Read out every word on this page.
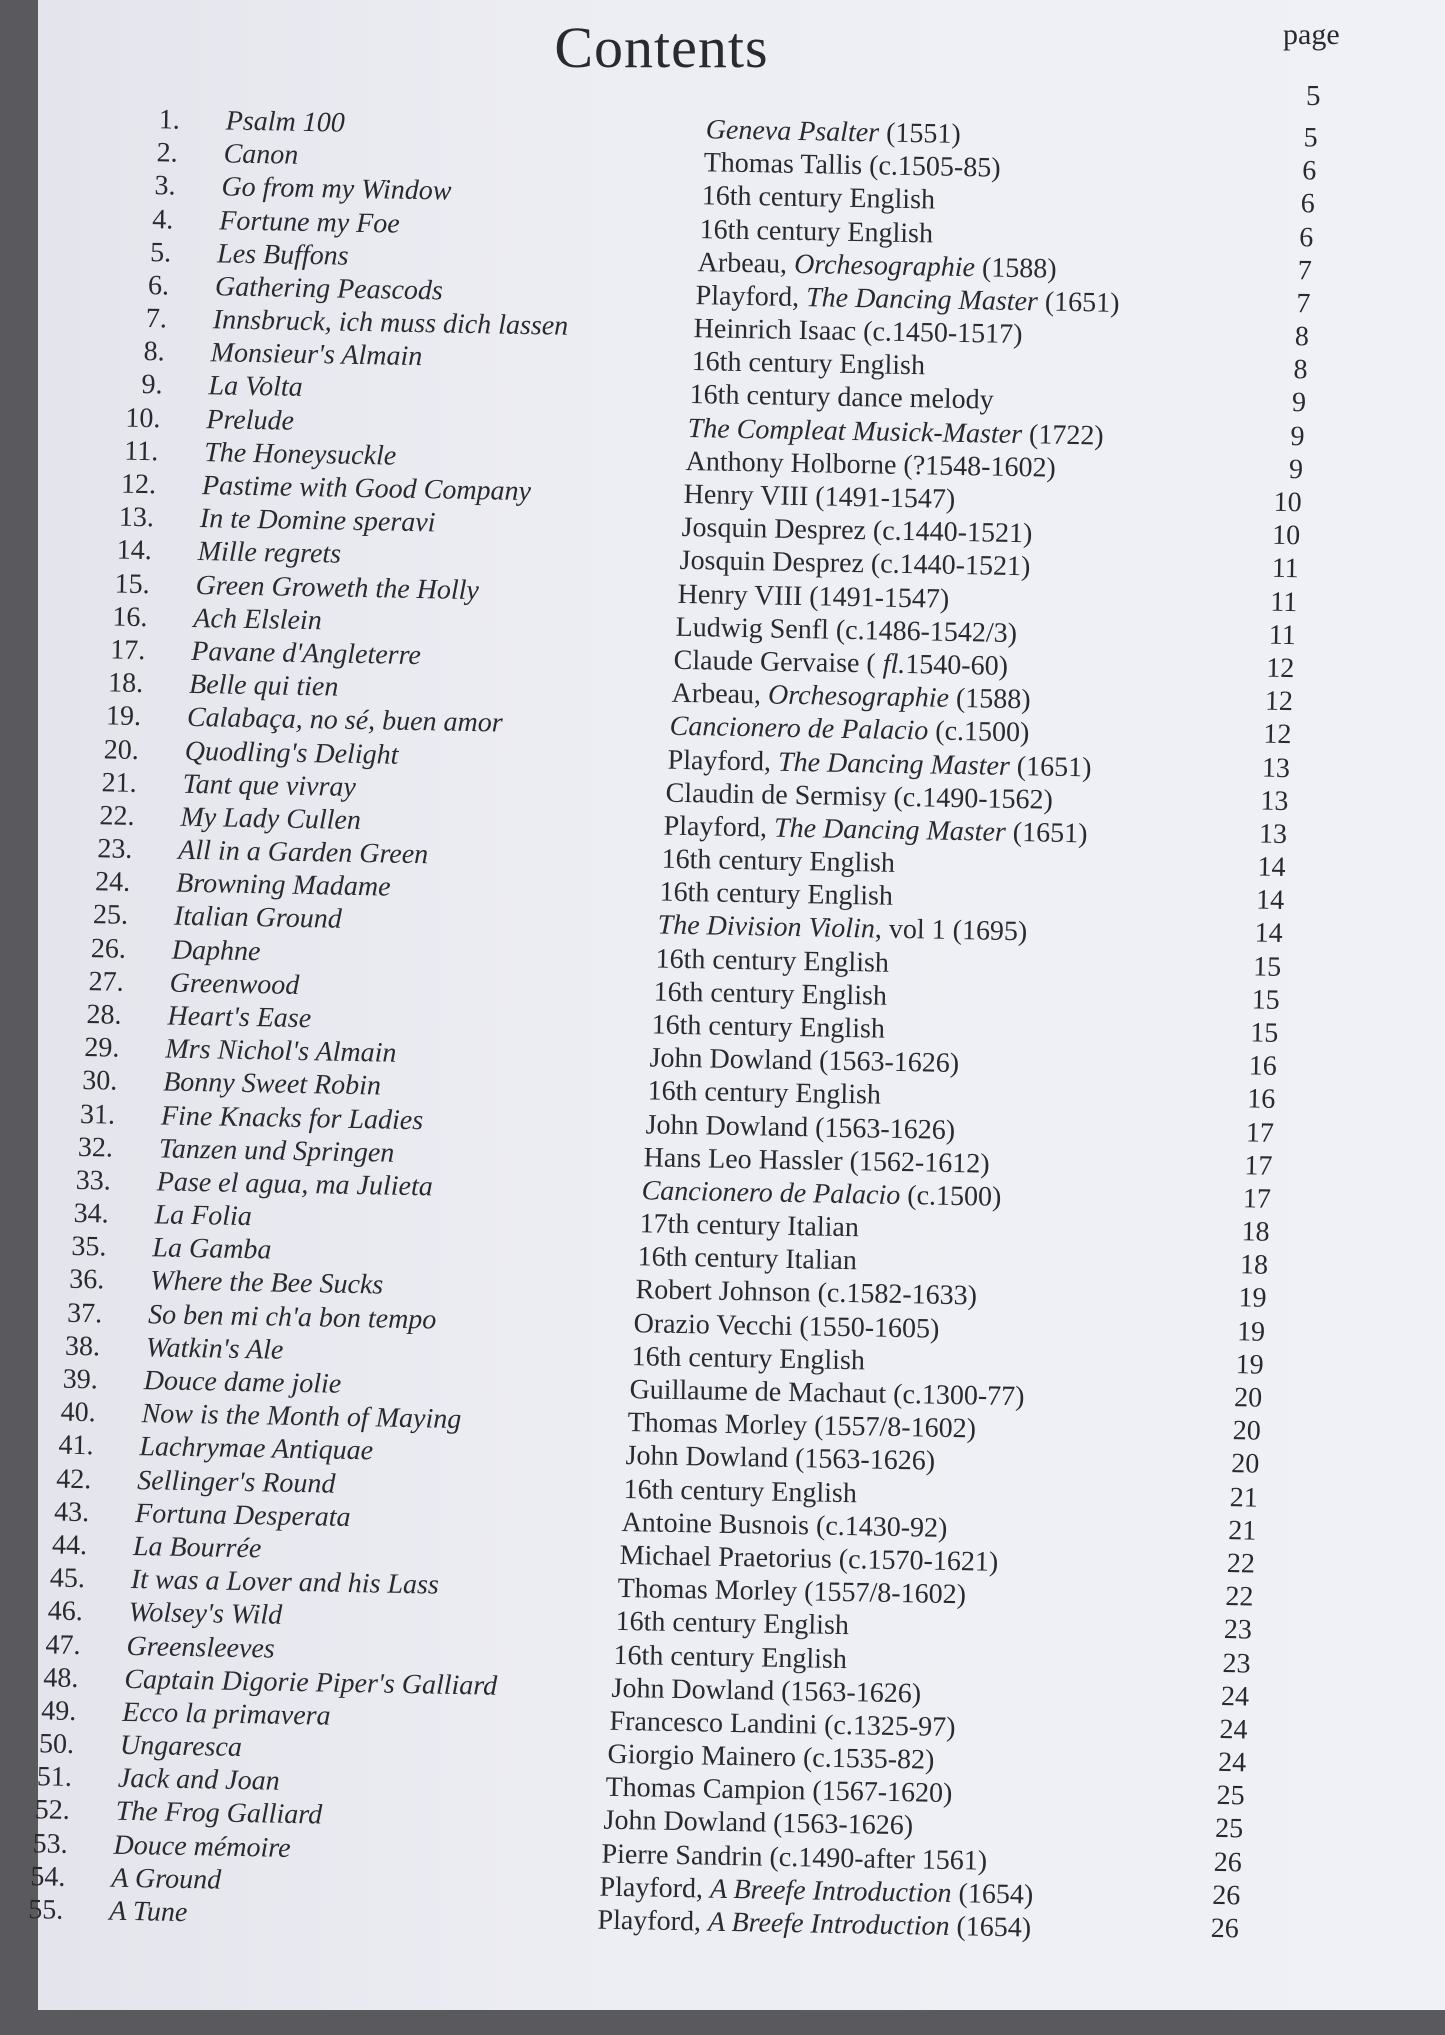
Contents	page
5
1. Psalm 100	Geneva Psalter (1551)	5
2. Canon	Thomas Tallis (c.1505-85)	6
3. Go from my Window	16th century English	6
4. Fortune my Foe	16th century English	6
5. Les Buffons	Arbeau, Orchesographie (1588)	7
6. Gathering Peascods	Playford, The Dancing Master (1651)	7
7. Innsbruck, ich muss dich lassen	Heinrich Isaac (c.1450-1517)	8
8. Monsieur's Almain	16th century English	8
9. La Volta	16th century dance melody	9
10. Prelude	The Compleat Musick-Master (1722)	9
11. The Honeysuckle	Anthony Holborne (?1548-1602)	9
12. Pastime with Good Company	Henry VIII (1491-1547)	10
13. In te Domine speravi	Josquin Desprez (c.1440-1521)	10
14. Mille regrets	Josquin Desprez (c.1440-1521)	11
15. Green Groweth the Holly	Henry VIII (1491-1547)	11
16. Ach Elslein	Ludwig Senfl (c.1486-1542/3)	11
17. Pavane d'Angleterre	Claude Gervaise ( fl.1540-60)	12
18. Belle qui tien	Arbeau, Orchesographie (1588)	12
19. Calabaça, no sé, buen amor	Cancionero de Palacio (c.1500)	12
20. Quodling's Delight	Playford, The Dancing Master (1651)	13
21. Tant que vivray	Claudin de Sermisy (c.1490-1562)	13
22. My Lady Cullen	Playford, The Dancing Master (1651)	13
23. All in a Garden Green	16th century English	14
24. Browning Madame	16th century English	14
25. Italian Ground	The Division Violin, vol 1 (1695)	14
26. Daphne	16th century English	15
27. Greenwood	16th century English	15
28. Heart's Ease	16th century English	15
29. Mrs Nichol's Almain	John Dowland (1563-1626)	16
30. Bonny Sweet Robin	16th century English	16
31. Fine Knacks for Ladies	John Dowland (1563-1626)	17
32. Tanzen und Springen	Hans Leo Hassler (1562-1612)	17
33. Pase el agua, ma Julieta	Cancionero de Palacio (c.1500)	17
34. La Folia	17th century Italian	18
35. La Gamba	16th century Italian	18
36. Where the Bee Sucks	Robert Johnson (c.1582-1633)	19
37. So ben mi ch'a bon tempo	Orazio Vecchi (1550-1605)	19
38. Watkin's Ale	16th century English	19
39. Douce dame jolie	Guillaume de Machaut (c.1300-77)	20
40. Now is the Month of Maying	Thomas Morley (1557/8-1602)	20
41. Lachrymae Antiquae	John Dowland (1563-1626)	20
42. Sellinger's Round	16th century English	21
43. Fortuna Desperata	Antoine Busnois (c.1430-92)	21
44. La Bourrée	Michael Praetorius (c.1570-1621)	22
45. It was a Lover and his Lass	Thomas Morley (1557/8-1602)	22
46. Wolsey's Wild	16th century English	23
47. Greensleeves	16th century English	23
48. Captain Digorie Piper's Galliard	John Dowland (1563-1626)	24
49. Ecco la primavera	Francesco Landini (c.1325-97)	24
50. Ungaresca	Giorgio Mainero (c.1535-82)	24
51. Jack and Joan	Thomas Campion (1567-1620)	25
52. The Frog Galliard	John Dowland (1563-1626)	25
53. Douce mémoire	Pierre Sandrin (c.1490-after 1561)	26
54. A Ground	Playford, A Breefe Introduction (1654)	26
55. A Tune	Playford, A Breefe Introduction (1654)	26
